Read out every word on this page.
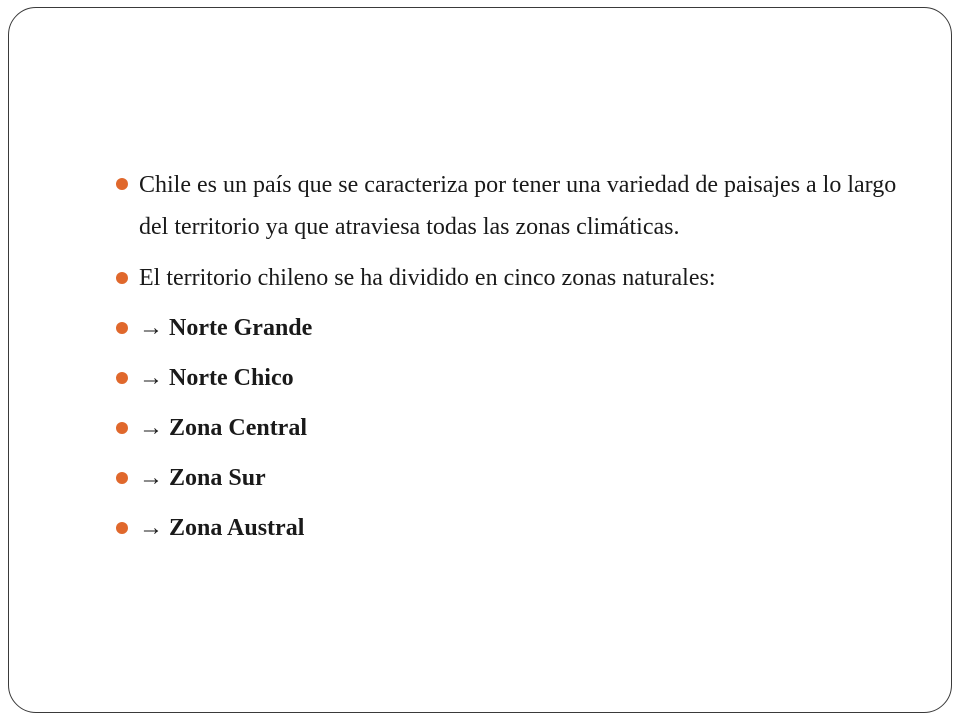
Chile es un país que se caracteriza por tener una variedad de paisajes a lo largo del territorio ya que atraviesa todas las zonas climáticas.
El territorio chileno se ha dividido en cinco zonas naturales:
→ Norte Grande
→ Norte Chico
→ Zona Central
→ Zona Sur
→ Zona Austral
